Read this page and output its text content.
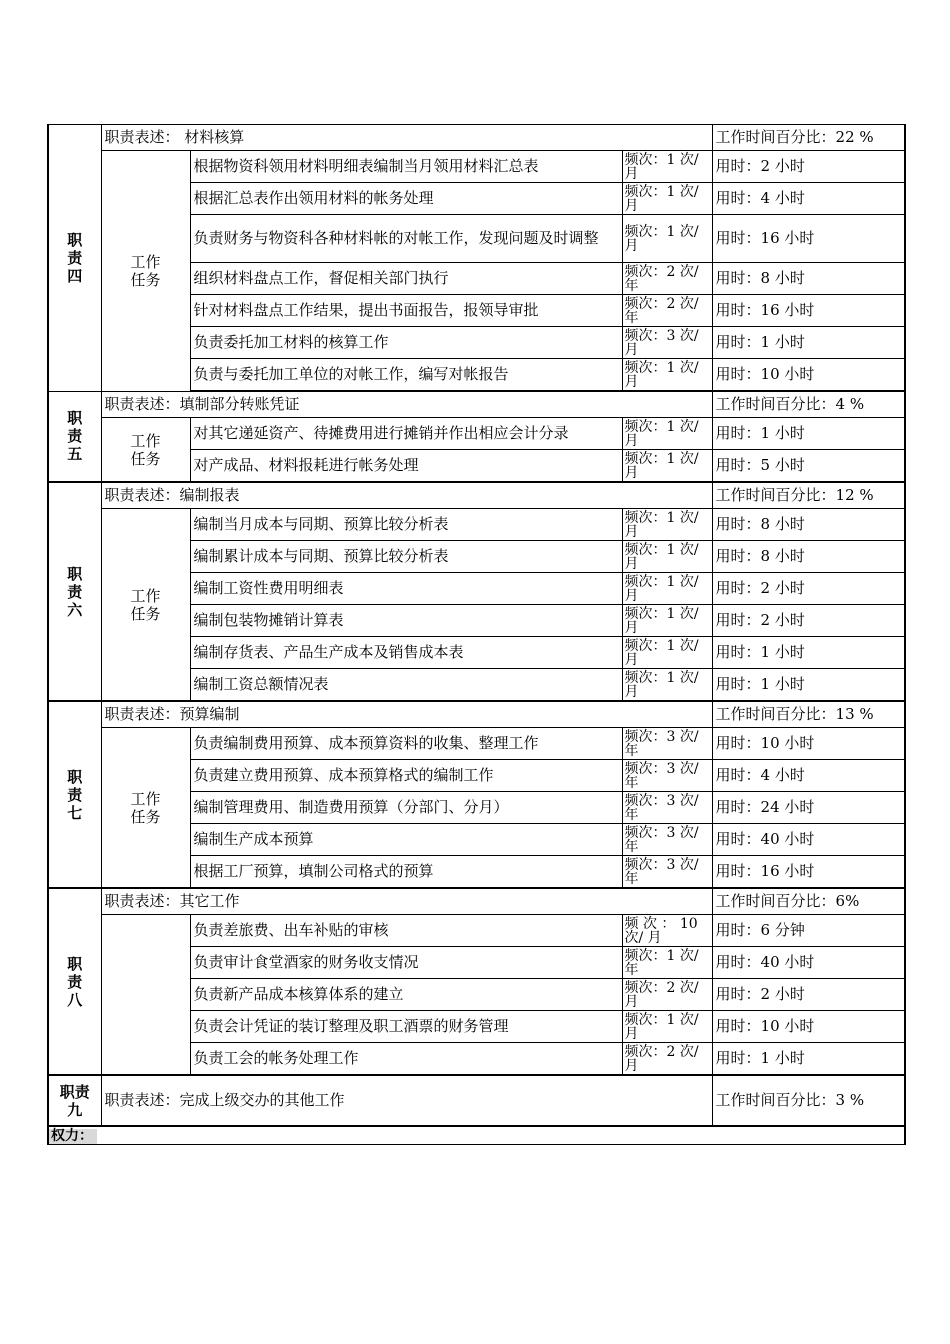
职责四	职责表述： 材料核算			工作时间百分比：22 %
	工作任务	根据物资科领用材料明细表编制当月领用材料汇总表	频次：1 次/月	用时：2 小时
		根据汇总表作出领用材料的帐务处理	频次：1 次/ 月	用时：4 小时
		负责财务与物资科各种材料帐的对帐工作，发现问题及时调整	频次：1 次/ 月	用时：16 小时
		组织材料盘点工作，督促相关部门执行	频次：2 次/ 年	用时：8 小时
		针对材料盘点工作结果，提出书面报告，报领导审批	频次：2 次/ 年	用时：16 小时
		负责委托加工材料的核算工作	频次：3 次/ 月	用时：1 小时
		负责与委托加工单位的对帐工作，编写对帐报告	频次：1 次/ 月	用时：10 小时
职责五	职责表述：填制部分转账凭证			工作时间百分比：4 %
	工作任务	对其它递延资产、待摊费用进行摊销并作出相应会计分录	频次：1 次/ 月	用时：1 小时
		对产成品、材料报耗进行帐务处理	频次：1 次/ 月	用时：5 小时
职责六	职责表述：编制报表			工作时间百分比：12 %
	工作任务	编制当月成本与同期、预算比较分析表	频次：1 次/月	用时：8 小时
		编制累计成本与同期、预算比较分析表	频次：1 次/月	用时：8 小时
		编制工资性费用明细表	频次：1 次/ 月	用时：2 小时
		编制包装物摊销计算表	频次：1 次/ 月	用时：2 小时
		编制存货表、产品生产成本及销售成本表	频次：1 次/ 月	用时：1 小时
		编制工资总额情况表	频次：1 次/ 月	用时：1 小时
职责七	职责表述：预算编制			工作时间百分比：13 %
	工作任务	负责编制费用预算、成本预算资料的收集、整理工作	频次：3 次/ 年	用时：10 小时
		负责建立费用预算、成本预算格式的编制工作	频次：3 次/ 年	用时：4 小时
		编制管理费用、制造费用预算（分部门、分月）	频次：3 次/ 年	用时：24 小时
		编制生产成本预算	频次：3 次/ 年	用时：40 小时
		根据工厂预算，填制公司格式的预算	频次：3 次/ 年	用时：16 小时
职责八	职责表述：其它工作			工作时间百分比：6%
		负责差旅费、出车补贴的审核	频 次 ： 10 次/ 月	用时：6 分钟
		负责审计食堂酒家的财务收支情况	频次：1 次/ 年	用时：40 小时
		负责新产品成本核算体系的建立	频次：2 次/ 月	用时：2 小时
		负责会计凭证的装订整理及职工酒票的财务管理	频次：1 次/ 月	用时：10 小时
		负责工会的帐务处理工作	频次：2 次/ 月	用时：1 小时
职责九	职责表述：完成上级交办的其他工作			工作时间百分比：3 %
权力：				
